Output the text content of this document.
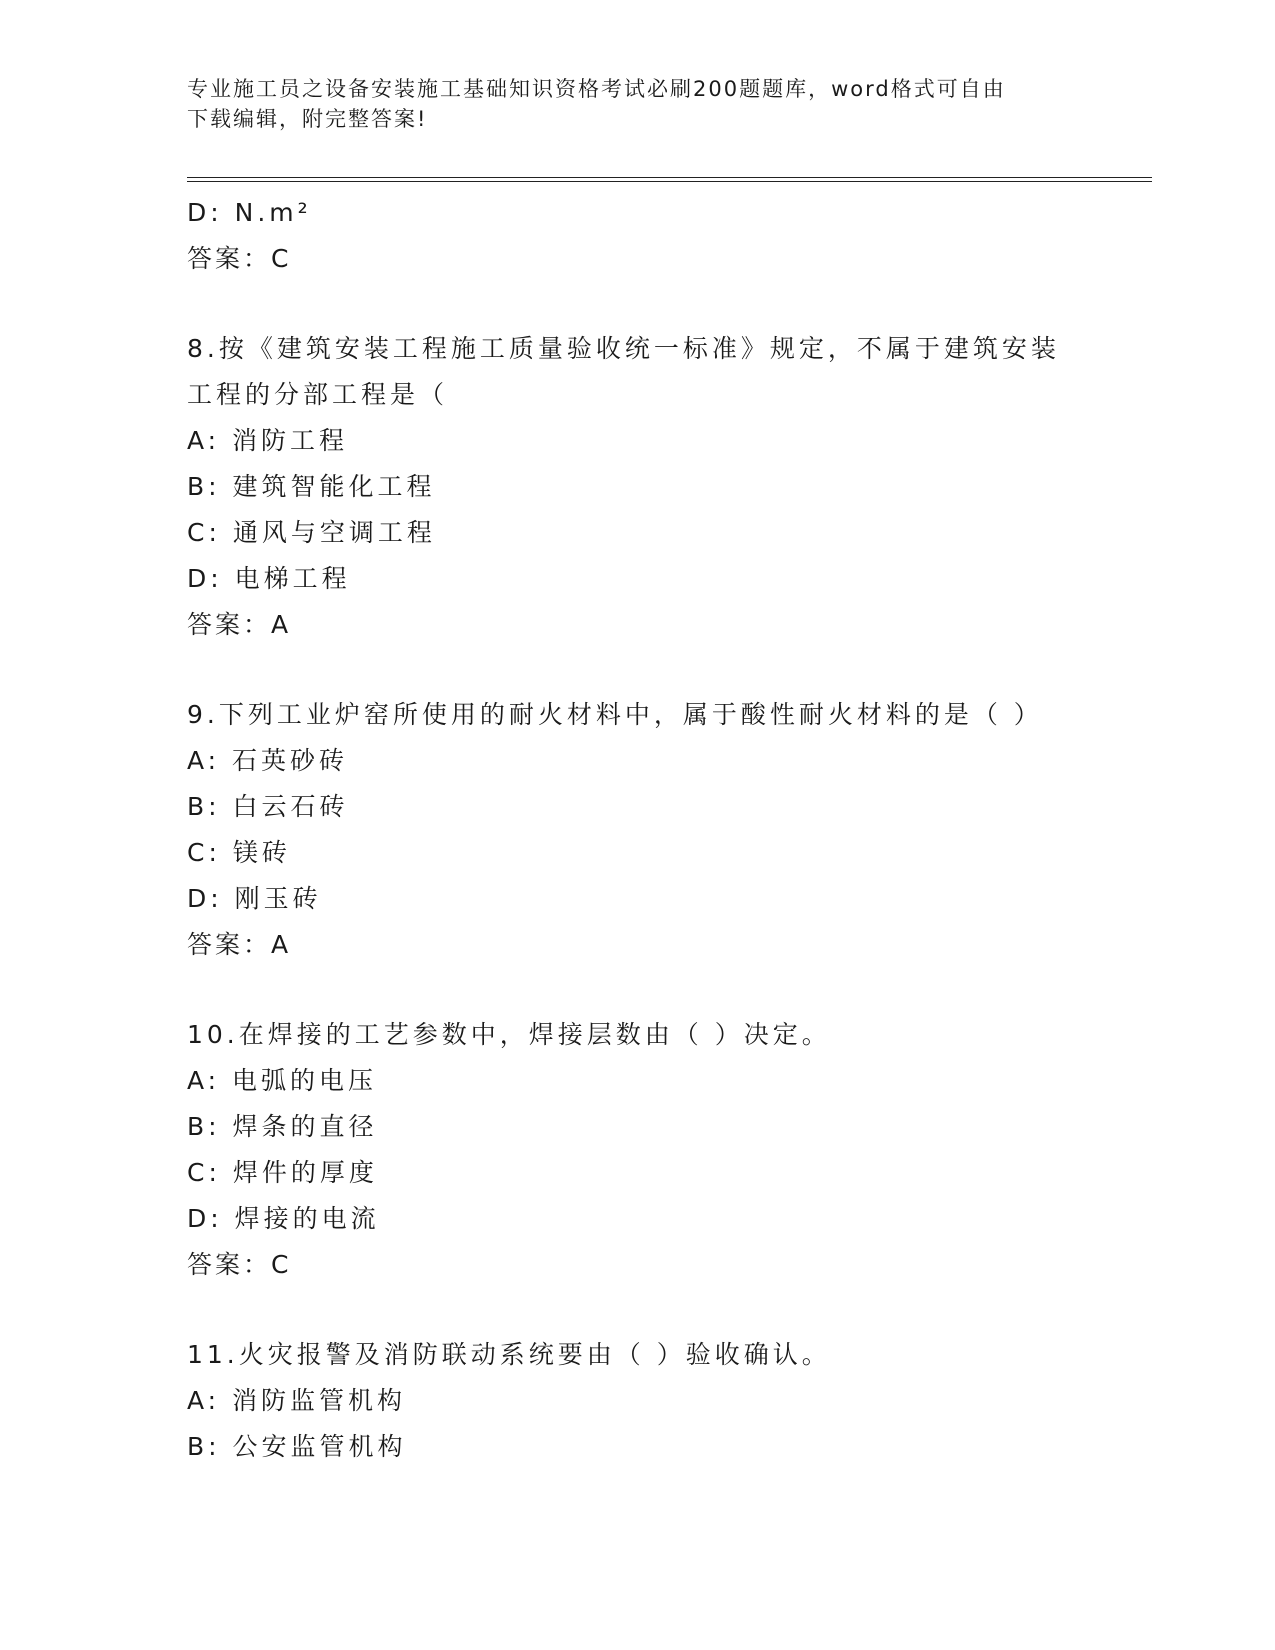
专业施工员之设备安装施工基础知识资格考试必刷200题题库，word格式可自由
下载编辑，附完整答案!
D: N.m²
答案：C
8.按《建筑安装工程施工质量验收统一标准》规定，不属于建筑安装
工程的分部工程是（
A: 消防工程
B: 建筑智能化工程
C: 通风与空调工程
D: 电梯工程
答案：A
9.下列工业炉窑所使用的耐火材料中，属于酸性耐火材料的是（ ）
A: 石英砂砖
B: 白云石砖
C: 镁砖
D: 刚玉砖
答案：A
10.在焊接的工艺参数中，焊接层数由（ ）决定。
A: 电弧的电压
B: 焊条的直径
C: 焊件的厚度
D: 焊接的电流
答案：C
11.火灾报警及消防联动系统要由（ ）验收确认。
A: 消防监管机构
B: 公安监管机构
